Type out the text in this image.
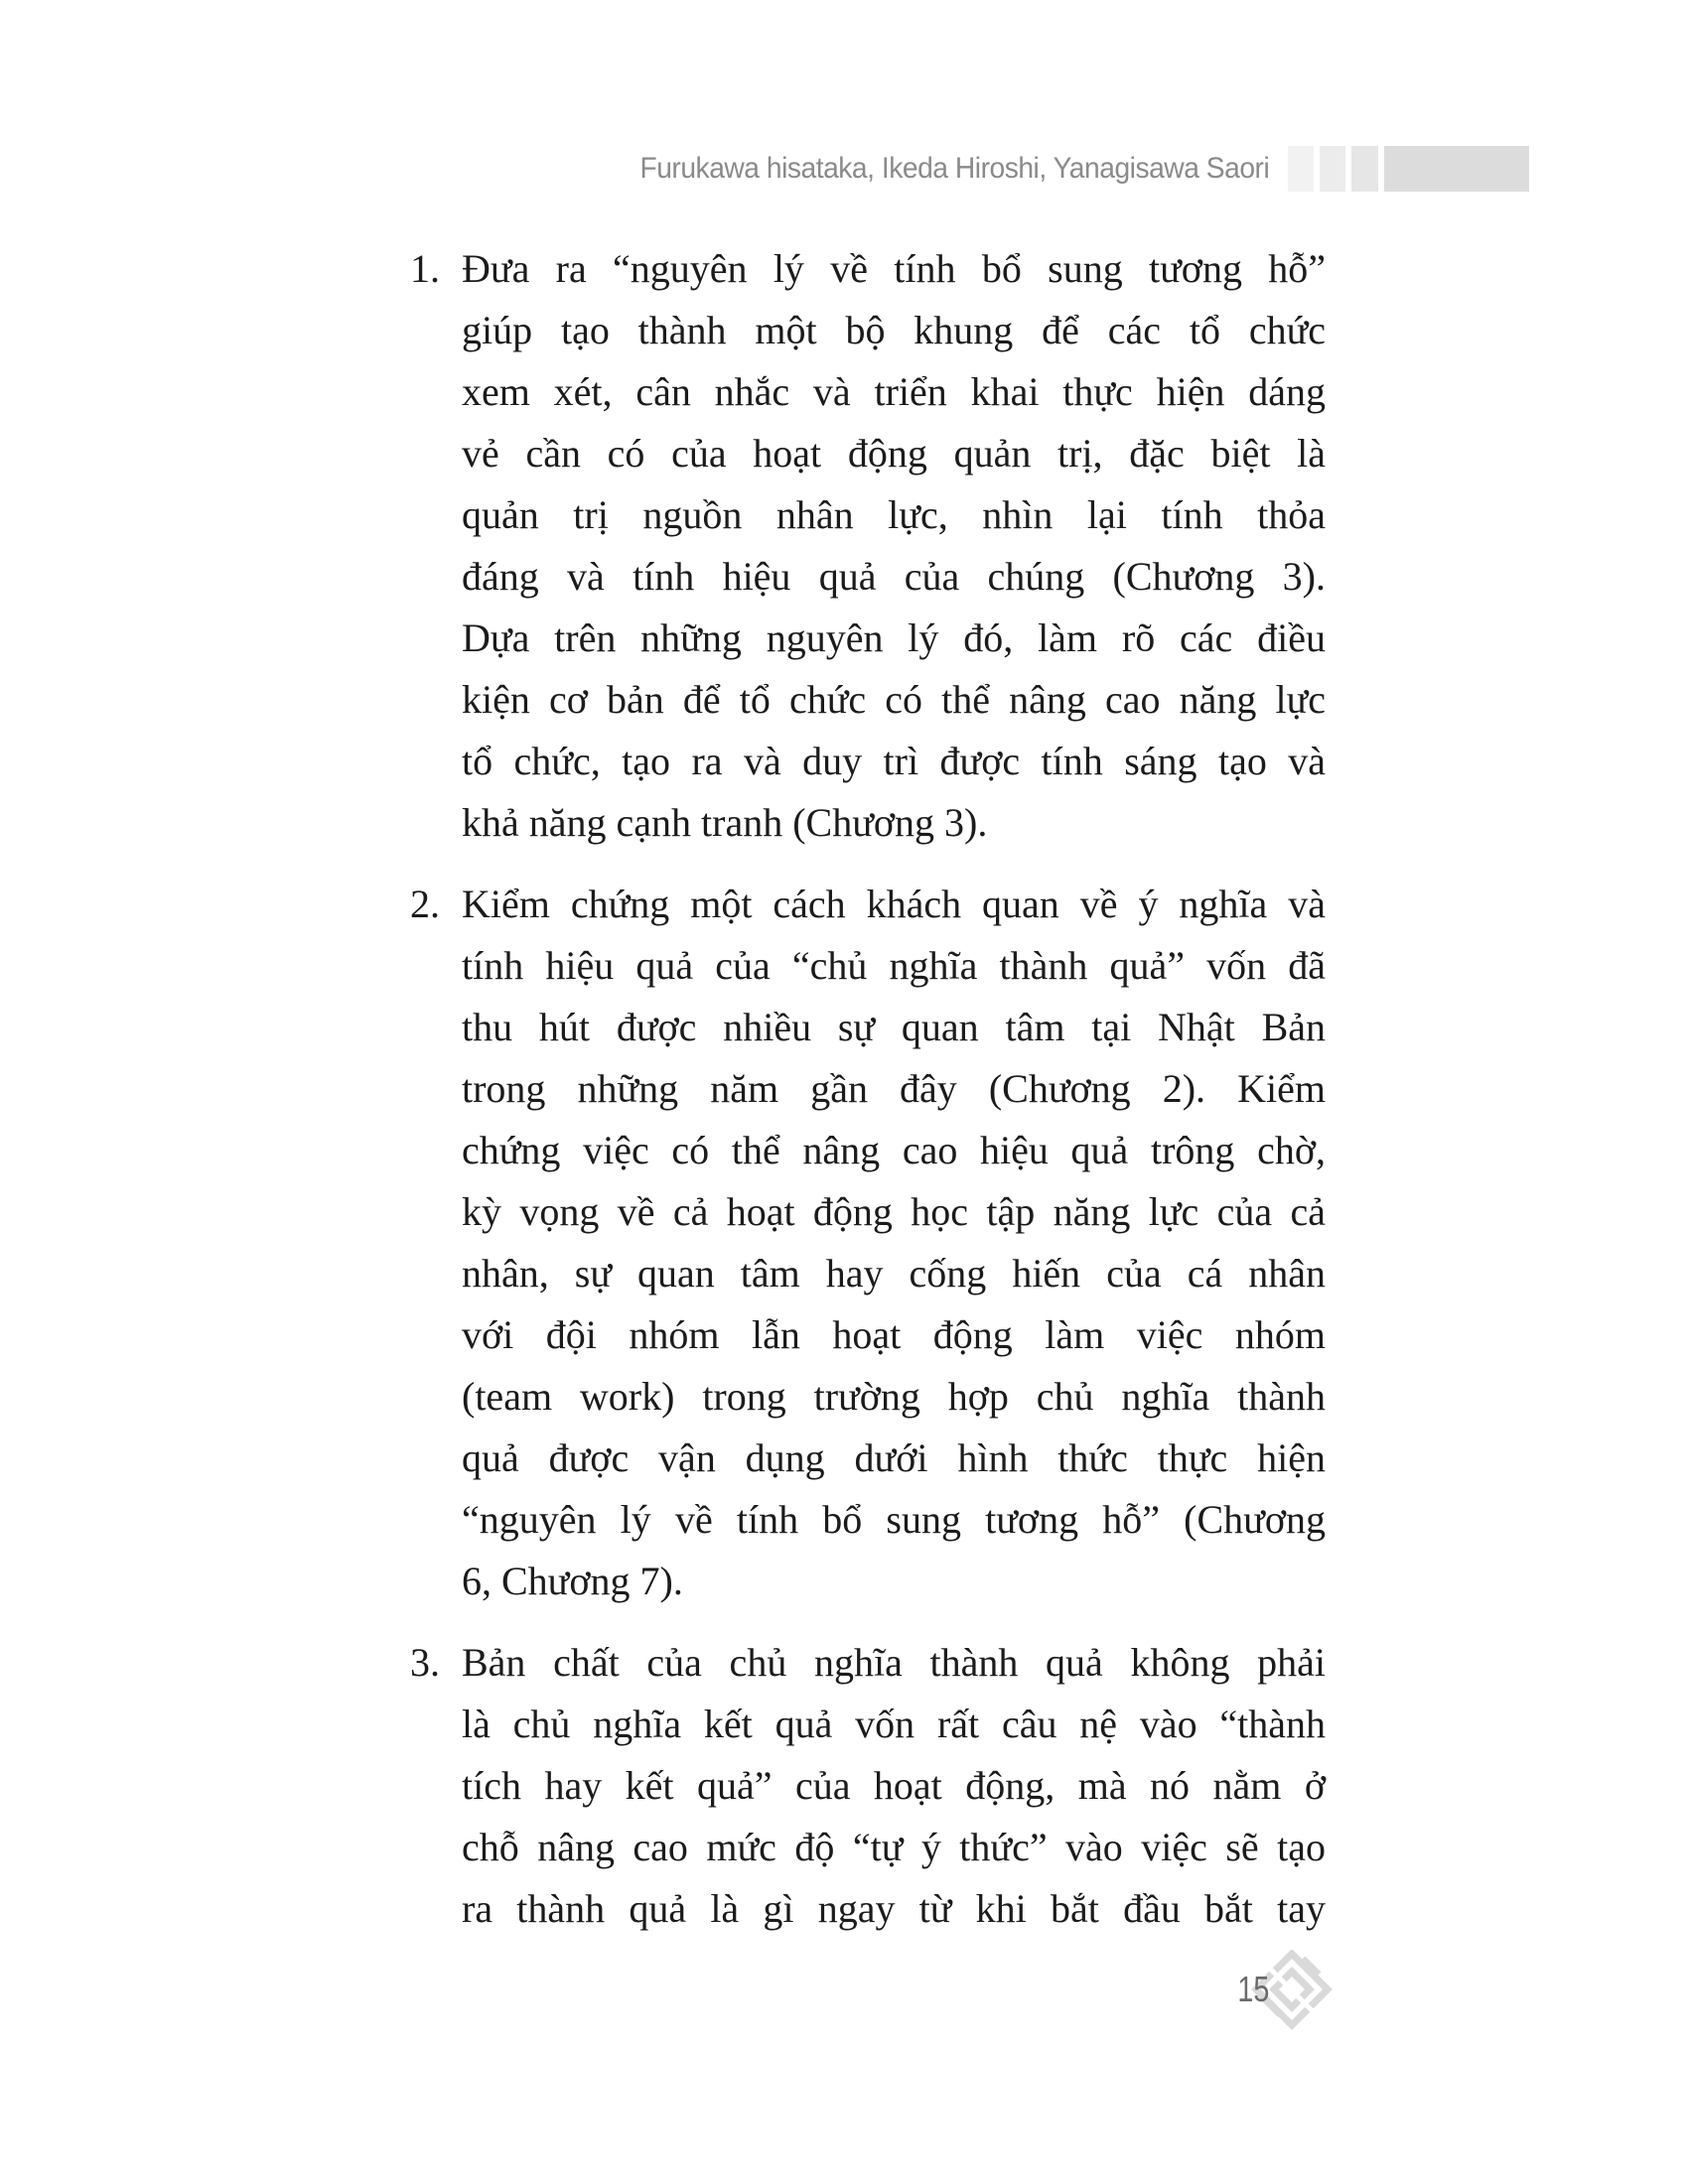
Furukawa hisataka, Ikeda Hiroshi, Yanagisawa Saori
1. Đưa ra “nguyên lý về tính bổ sung tương hỗ”
giúp tạo thành một bộ khung để các tổ chức
xem xét, cân nhắc và triển khai thực hiện dáng
vẻ cần có của hoạt động quản trị, đặc biệt là
quản trị nguồn nhân lực, nhìn lại tính thỏa
đáng và tính hiệu quả của chúng (Chương 3).
Dựa trên những nguyên lý đó, làm rõ các điều
kiện cơ bản để tổ chức có thể nâng cao năng lực
tổ chức, tạo ra và duy trì được tính sáng tạo và
khả năng cạnh tranh (Chương 3).
2. Kiểm chứng một cách khách quan về ý nghĩa và
tính hiệu quả của “chủ nghĩa thành quả” vốn đã
thu hút được nhiều sự quan tâm tại Nhật Bản
trong những năm gần đây (Chương 2). Kiểm
chứng việc có thể nâng cao hiệu quả trông chờ,
kỳ vọng về cả hoạt động học tập năng lực của cả
nhân, sự quan tâm hay cống hiến của cá nhân
với đội nhóm lẫn hoạt động làm việc nhóm
(team work) trong trường hợp chủ nghĩa thành
quả được vận dụng dưới hình thức thực hiện
“nguyên lý về tính bổ sung tương hỗ” (Chương
6, Chương 7).
3. Bản chất của chủ nghĩa thành quả không phải
là chủ nghĩa kết quả vốn rất câu nệ vào “thành
tích hay kết quả” của hoạt động, mà nó nằm ở
chỗ nâng cao mức độ “tự ý thức” vào việc sẽ tạo
ra thành quả là gì ngay từ khi bắt đầu bắt tay
15
